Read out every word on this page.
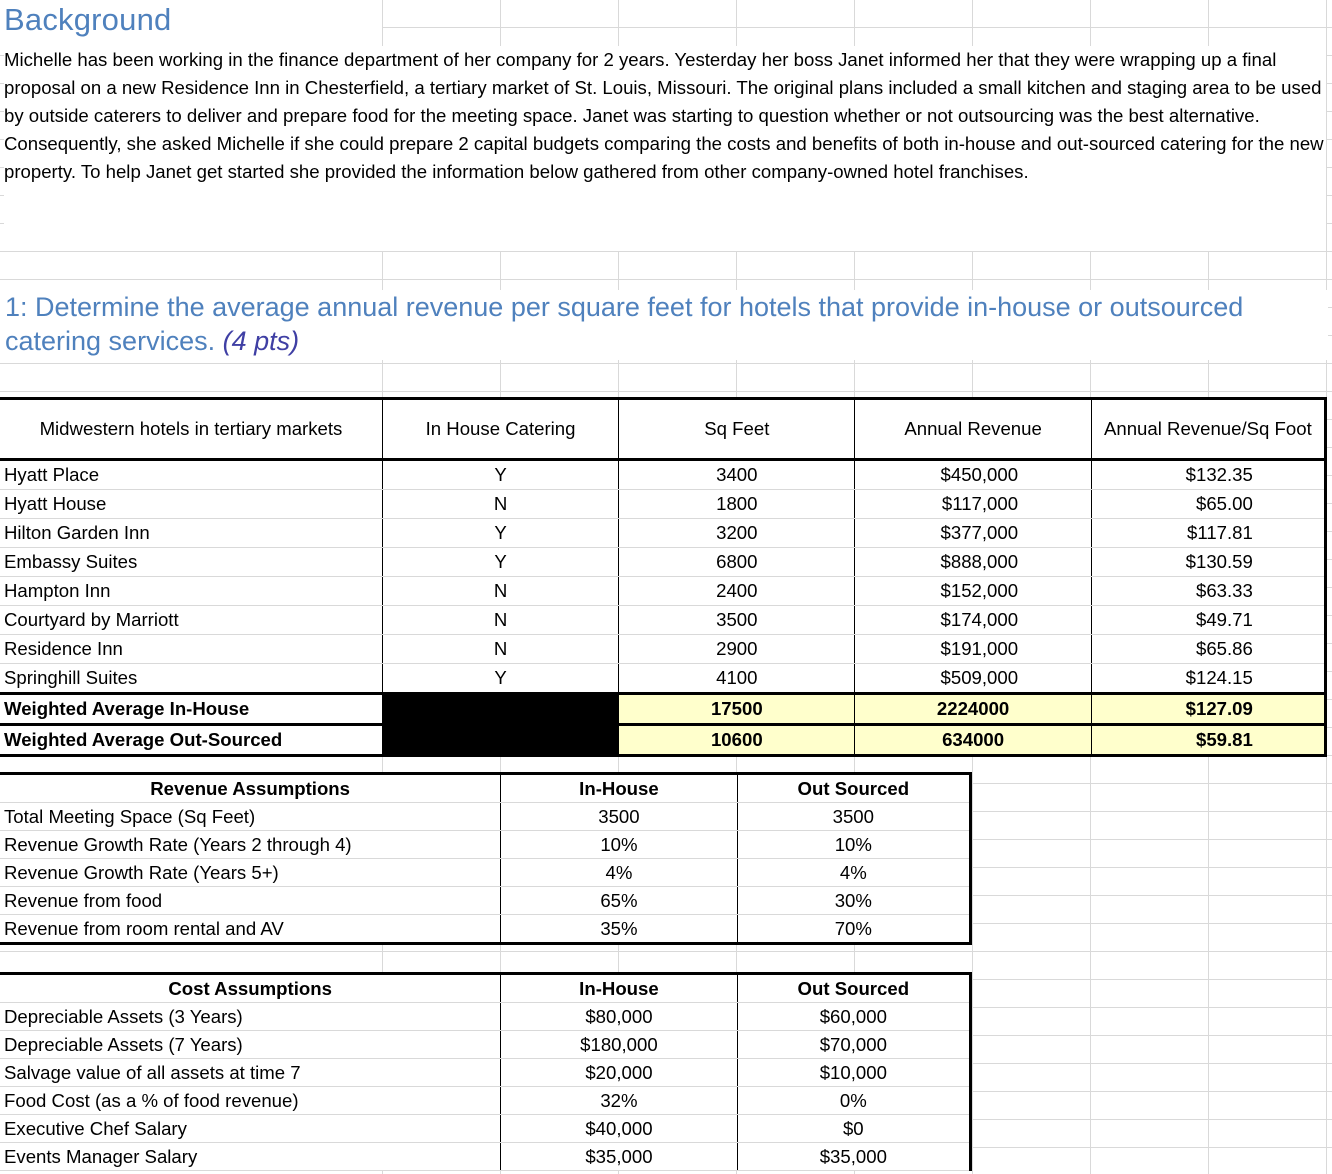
Background
Michelle has been working in the finance department of her company for 2 years. Yesterday her boss Janet informed her that they were wrapping up a final proposal on a new Residence Inn in Chesterfield, a tertiary market of St. Louis, Missouri. The original plans included a small kitchen and staging area to be used by outside caterers to deliver and prepare food for the meeting space. Janet was starting to question whether or not outsourcing was the best alternative. Consequently, she asked Michelle if she could prepare 2 capital budgets comparing the costs and benefits of both in-house and out-sourced catering for the new property. To help Janet get started she provided the information below gathered from other company-owned hotel franchises.
1: Determine the average annual revenue per square feet for hotels that provide in-house or outsourced catering services. (4 pts)
Midwestern hotels in tertiary markets	In House Catering	Sq Feet	Annual Revenue	Annual Revenue/Sq Foot
Hyatt Place	Y	3400	$450,000	$132.35

Hyatt House	N	1800	$117,000	$65.00

Hilton Garden Inn	Y	3200	$377,000	$117.81

Embassy Suites	Y	6800	$888,000	$130.59

Hampton Inn	N	2400	$152,000	$63.33

Courtyard by Marriott	N	3500	$174,000	$49.71

Residence Inn	N	2900	$191,000	$65.86

Springhill Suites	Y	4100	$509,000	$124.15

Weighted Average In-House		17500	2224000	$127.09

Weighted Average Out-Sourced		10600	634000	$59.81
Revenue Assumptions	In-House	Out Sourced
Total Meeting Space (Sq Feet)	3500	3500
Revenue Growth Rate (Years 2 through 4)	10%	10%
Revenue Growth Rate (Years 5+)	4%	4%
Revenue from food	65%	30%
Revenue from room rental and AV	35%	70%
Cost Assumptions	In-House	Out Sourced
Depreciable Assets (3 Years)	$80,000	$60,000
Depreciable Assets (7 Years)	$180,000	$70,000
Salvage value of all assets at time 7	$20,000	$10,000
Food Cost (as a % of food revenue)	32%	0%
Executive Chef Salary	$40,000	$0
Events Manager Salary	$35,000	$35,000
